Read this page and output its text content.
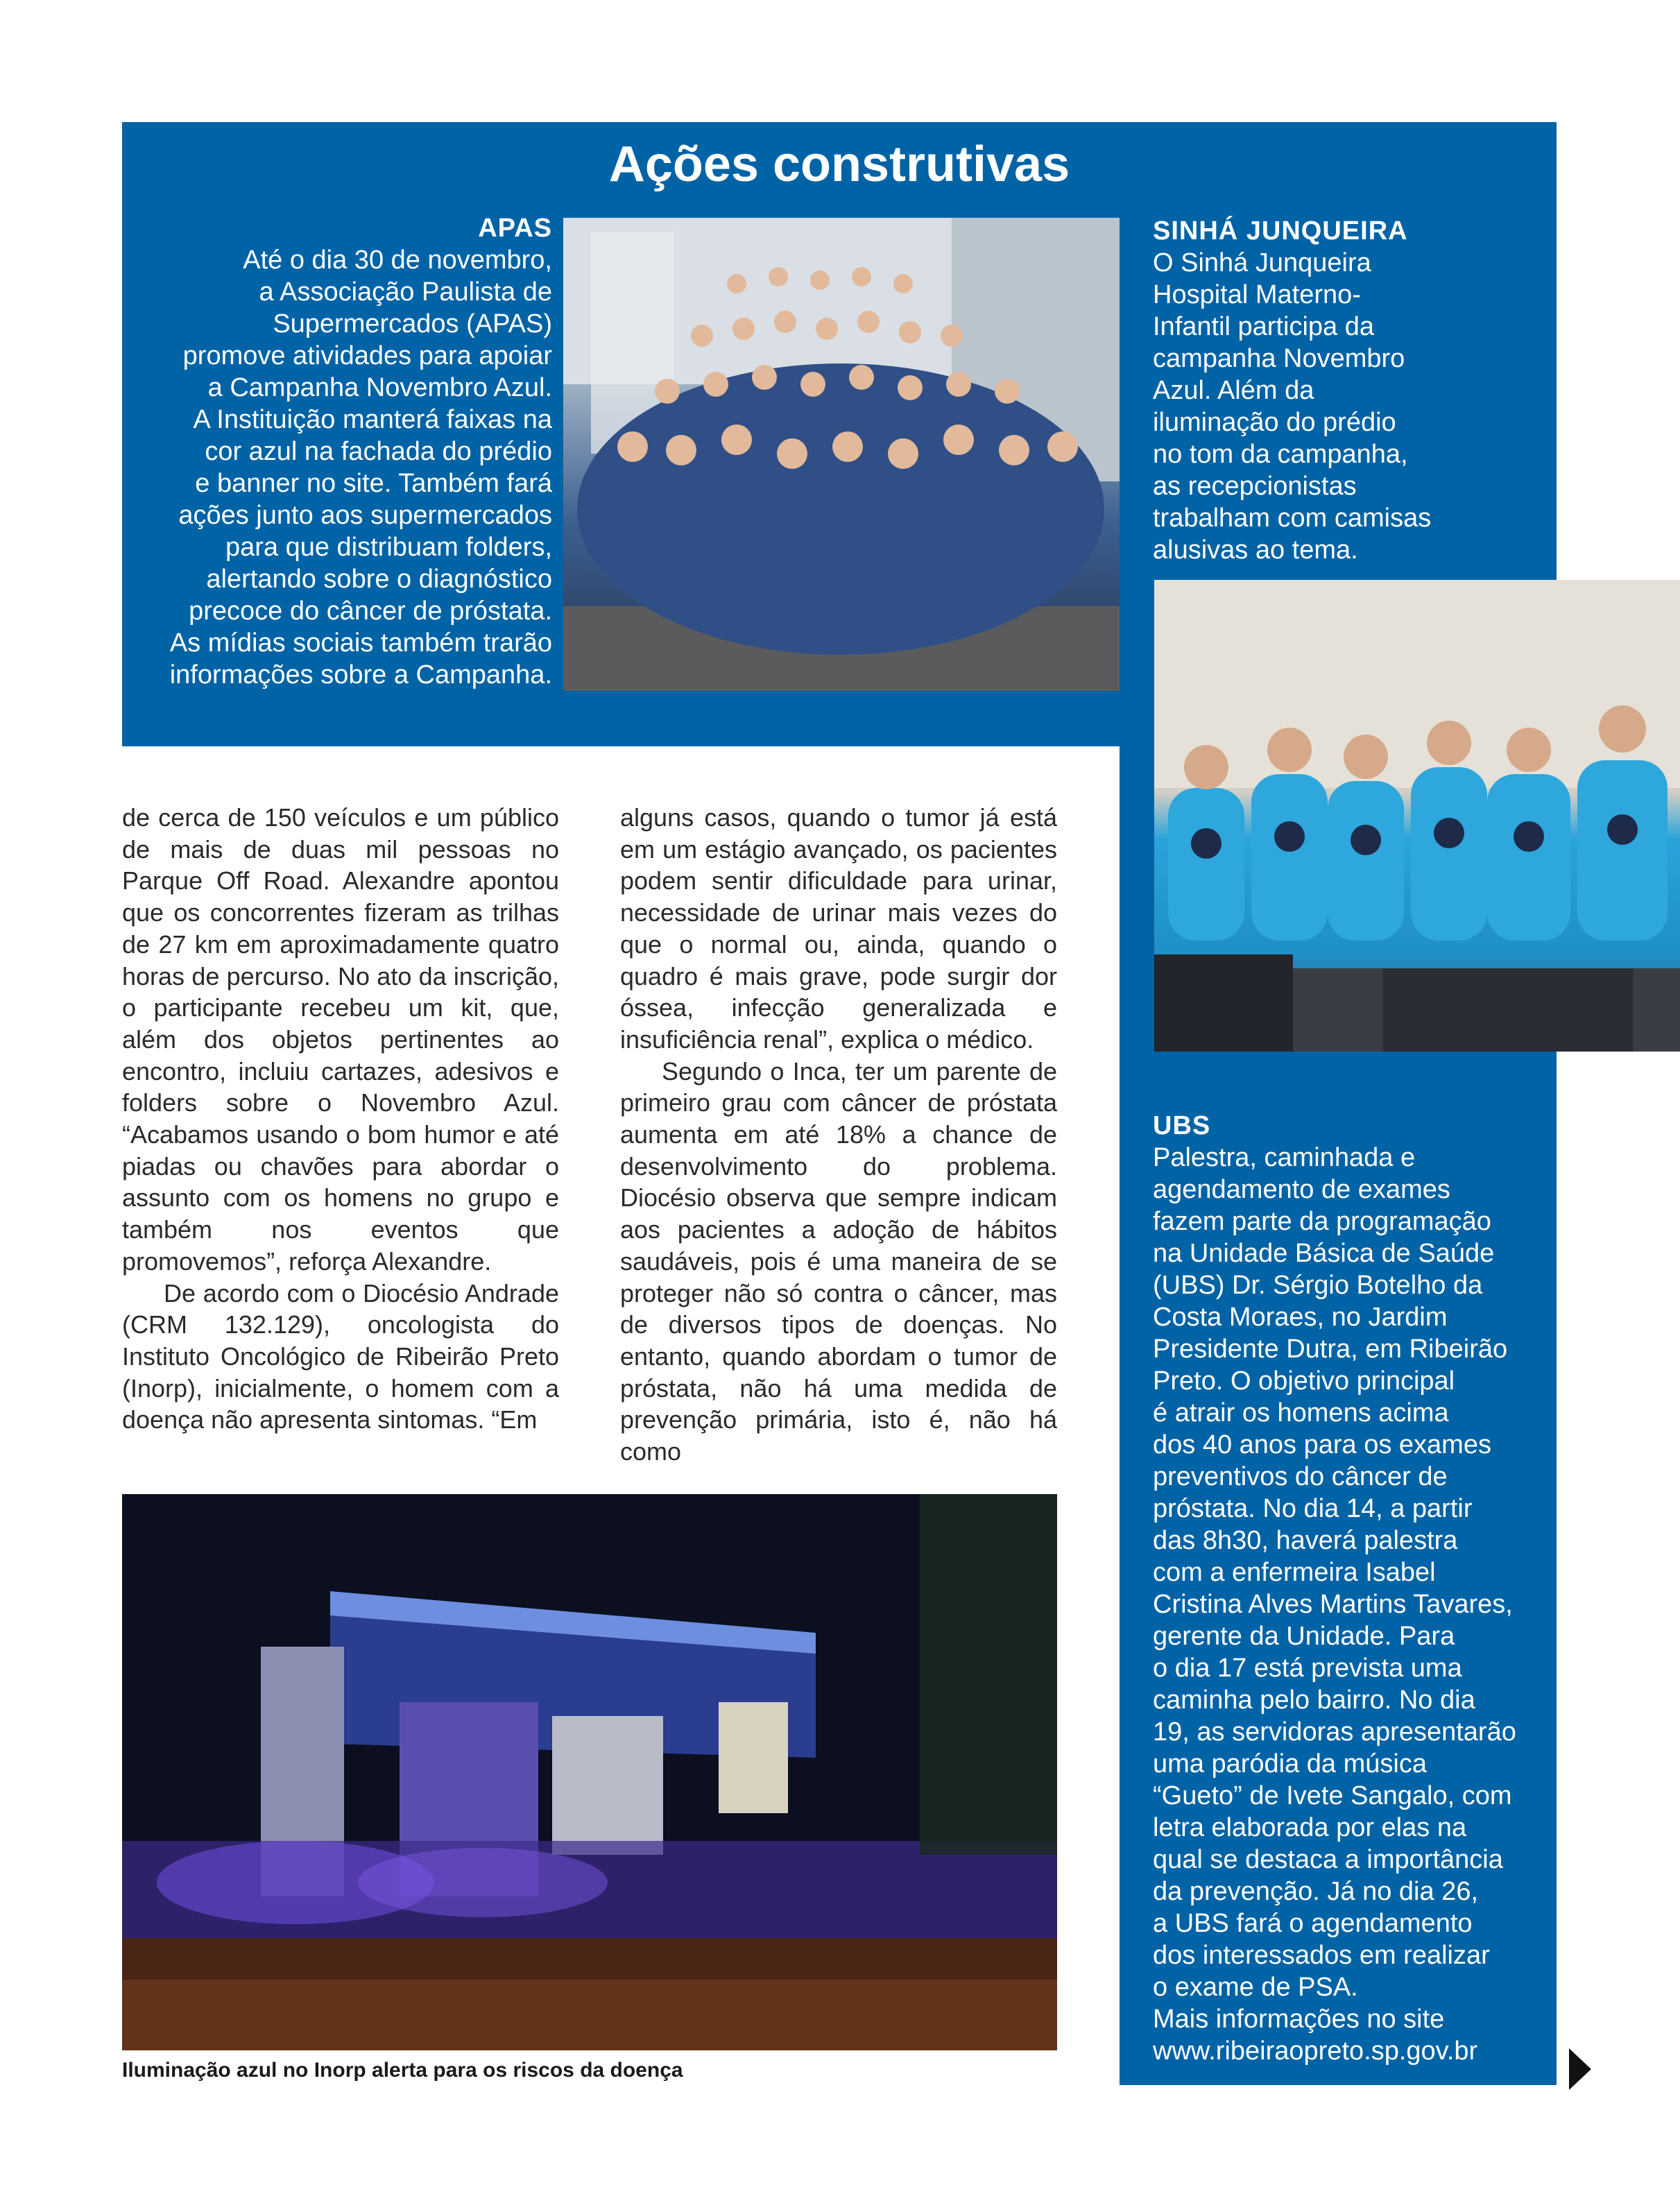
Ações construtivas
APAS

Até o dia 30 de novembro,

a Associação Paulista de

Supermercados (APAS)

promove atividades para apoiar

a Campanha Novembro Azul.

A Instituição manterá faixas na

cor azul na fachada do prédio

e banner no site. Também fará

ações junto aos supermercados

para que distribuam folders,

alertando sobre o diagnóstico

precoce do câncer de próstata.

As mídias sociais também trarão

informações sobre a Campanha.

SINHÁ JUNQUEIRA

O Sinhá Junqueira

Hospital Materno-

Infantil participa da

campanha Novembro

Azul. Além da

iluminação do prédio

no tom da campanha,

as recepcionistas

trabalham com camisas

alusivas ao tema.

UBS

Palestra, caminhada e

agendamento de exames

fazem parte da programação

na Unidade Básica de Saúde

(UBS) Dr. Sérgio Botelho da

Costa Moraes, no Jardim

Presidente Dutra, em Ribeirão

Preto. O objetivo principal

é atrair os homens acima

dos 40 anos para os exames

preventivos do câncer de

próstata. No dia 14, a partir

das 8h30, haverá palestra

com a enfermeira Isabel

Cristina Alves Martins Tavares,

gerente da Unidade. Para

o dia 17 está prevista uma

caminha pelo bairro. No dia

19, as servidoras apresentarão

uma paródia da música

“Gueto” de Ivete Sangalo, com

letra elaborada por elas na

qual se destaca a importância

da prevenção. Já no dia 26,

a UBS fará o agendamento

dos interessados em realizar

o exame de PSA.

Mais informações no site

www.ribeiraopreto.sp.gov.br

de cerca de 150 veículos e um público de mais de duas mil pessoas no Parque Off Road. Alexandre apontou que os concorrentes fizeram as trilhas de 27 km em aproximadamente quatro horas de percurso. No ato da inscrição, o participante recebeu um kit, que, além dos objetos pertinentes ao encontro, incluiu cartazes, adesivos e folders sobre o Novembro Azul. “Acabamos usando o bom humor e até piadas ou chavões para abordar o assunto com os homens no grupo e também nos eventos que promovemos”, reforça Alexandre.

De acordo com o Diocésio Andrade (CRM 132.129), oncologista do Instituto Oncológico de Ribeirão Preto (Inorp), inicialmente, o homem com a doença não apresenta sintomas. “Em

alguns casos, quando o tumor já está em um estágio avançado, os pacientes podem sentir dificuldade para urinar, necessidade de urinar mais vezes do que o normal ou, ainda, quando o quadro é mais grave, pode surgir dor óssea, infecção generalizada e insuficiência renal”, explica o médico.

Segundo o Inca, ter um parente de primeiro grau com câncer de próstata aumenta em até 18% a chance de desenvolvimento do problema. Diocésio observa que sempre indicam aos pacientes a adoção de hábitos saudáveis, pois é uma maneira de se proteger não só contra o câncer, mas de diversos tipos de doenças. No entanto, quando abordam o tumor de próstata, não há uma medida de prevenção primária, isto é, não há como

Iluminação azul no Inorp alerta para os riscos da doença
